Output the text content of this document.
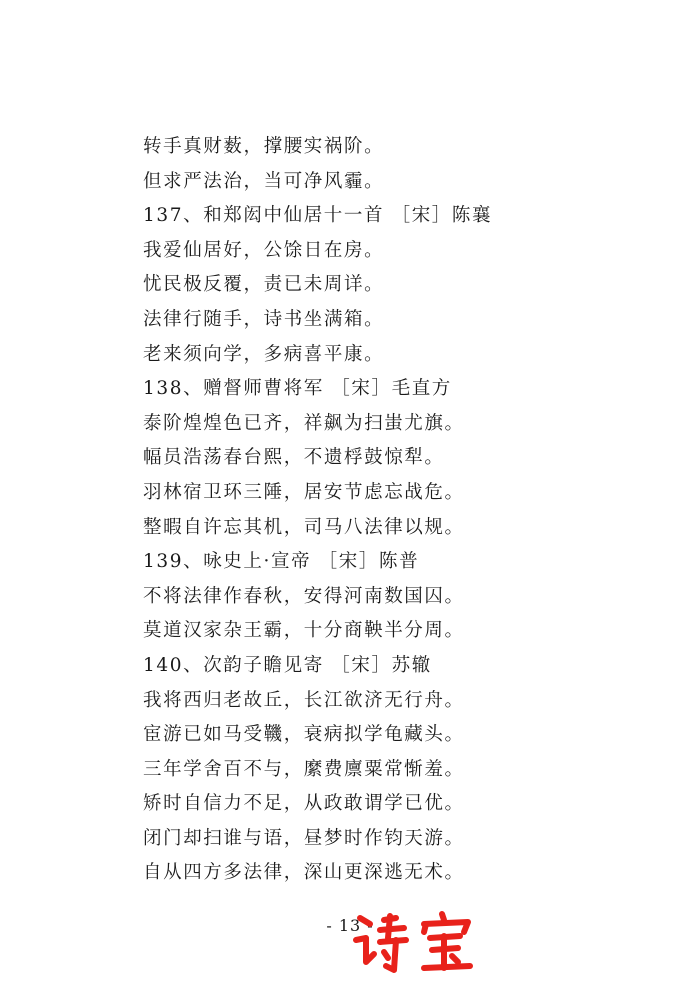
转手真财薮，撑腰实祸阶。
但求严法治，当可净风霾。
137、和郑闳中仙居十一首 ［宋］陈襄
我爱仙居好，公馀日在房。
忧民极反覆，责已未周详。
法律行随手，诗书坐满箱。
老来须向学，多病喜平康。
138、赠督师曹将军 ［宋］毛直方
泰阶煌煌色已齐，祥飙为扫蚩尤旗。
幅员浩荡春台熙，不遗桴鼓惊犁。
羽林宿卫环三陲，居安节虑忘战危。
整暇自许忘其机，司马八法律以规。
139、咏史上·宣帝 ［宋］陈普
不将法律作春秋，安得河南数国囚。
莫道汉家杂王霸，十分商鞅半分周。
140、次韵子瞻见寄 ［宋］苏辙
我将西归老故丘，长江欲济无行舟。
宦游已如马受鞿，衰病拟学龟藏头。
三年学舍百不与，縻费廪粟常惭羞。
矫时自信力不足，从政敢谓学已优。
闭门却扫谁与语，昼梦时作钧天游。
自从四方多法律，深山更深逃无术。
- 13 -
